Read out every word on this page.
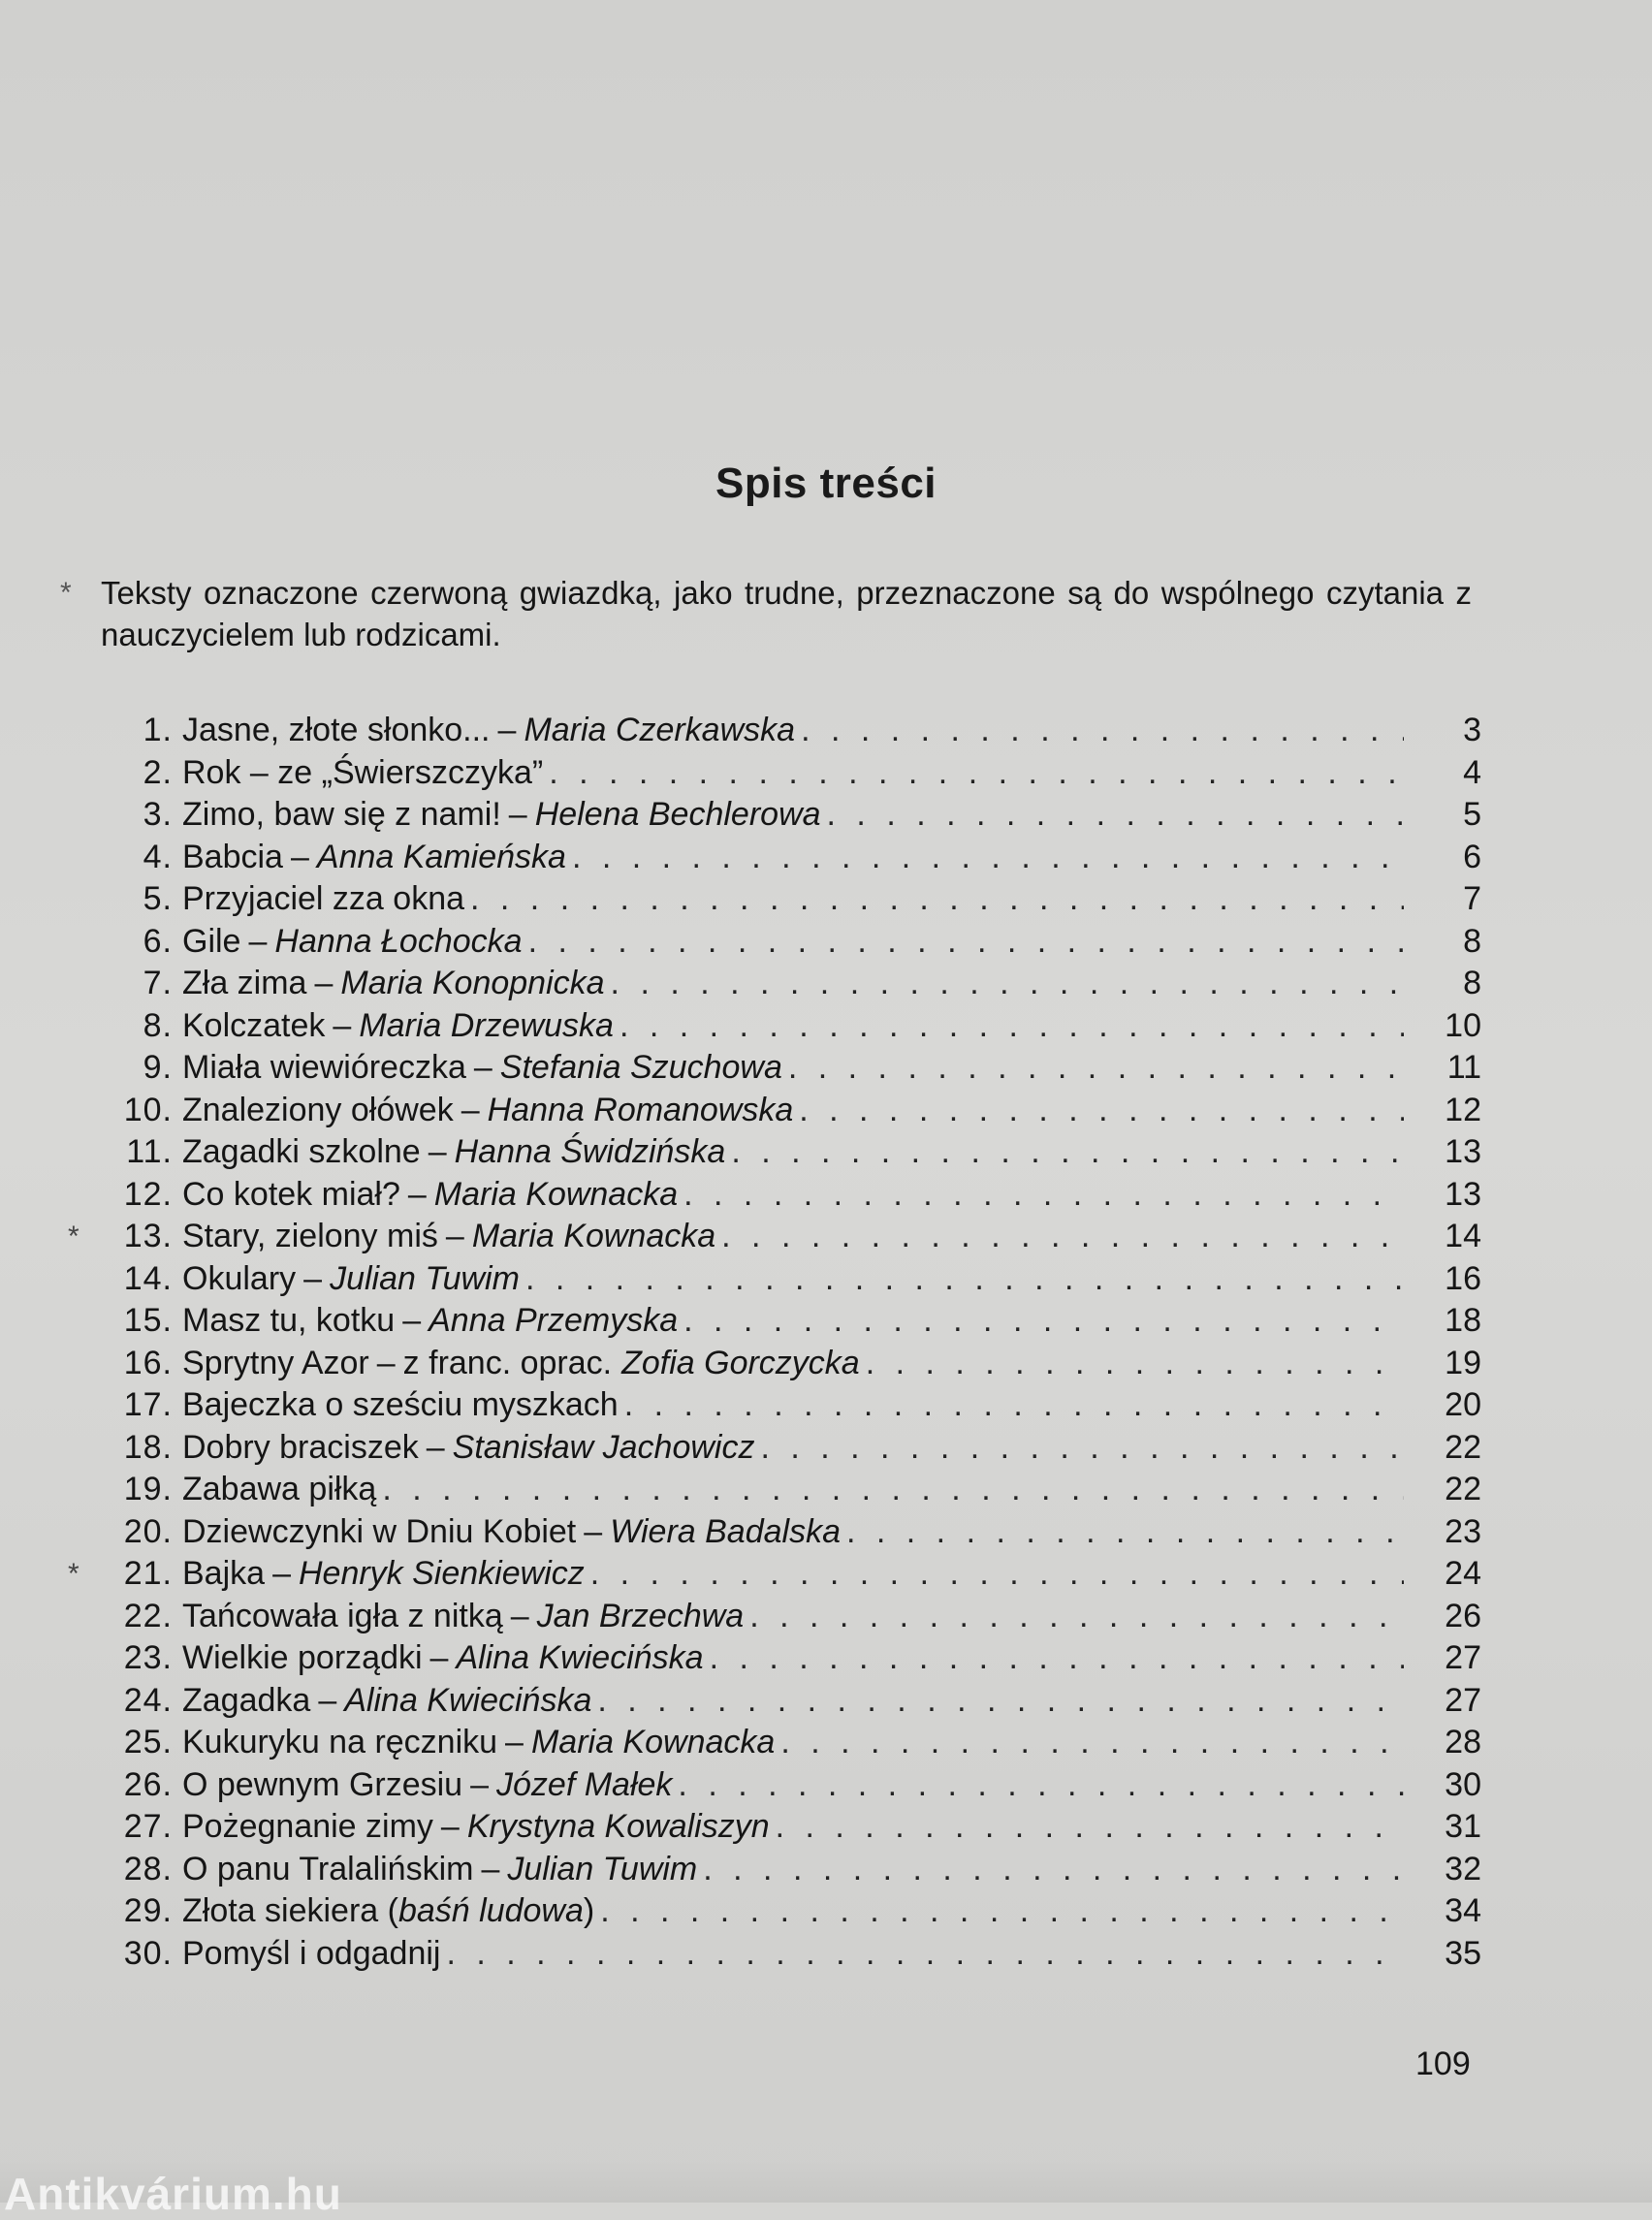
Spis treści
* Teksty oznaczone czerwoną gwiazdką, jako trudne, przeznaczone są do wspólnego czytania z nauczycielem lub rodzicami.
1. Jasne, złote słonko... – Maria Czerkawska . . .	3
2. Rok – ze „Świerszczyka” . . .	4
3. Zimo, baw się z nami! – Helena Bechlerowa . . .	5
4. Babcia – Anna Kamieńska . . .	6
5. Przyjaciel zza okna . . .	7
6. Gile – Hanna Łochocka . . .	8
7. Zła zima – Maria Konopnicka . . .	8
8. Kolczatek – Maria Drzewuska . . .	10
9. Miała wiewióreczka – Stefania Szuchowa . . .	11
10. Znaleziony ołówek – Hanna Romanowska . . .	12
11. Zagadki szkolne – Hanna Świdzińska . . .	13
12. Co kotek miał? – Maria Kownacka . . .	13
*	13. Stary, zielony miś – Maria Kownacka . . .	14
14. Okulary – Julian Tuwim . . .	16
15. Masz tu, kotku – Anna Przemyska . . .	18
16. Sprytny Azor – z franc. oprac. Zofia Gorczycka . . .	19
17. Bajeczka o sześciu myszkach . . .	20
18. Dobry braciszek – Stanisław Jachowicz . . .	22
19. Zabawa piłką . . .	22
20. Dziewczynki w Dniu Kobiet – Wiera Badalska . . .	23
*	21. Bajka – Henryk Sienkiewicz . . .	24
22. Tańcowała igła z nitką – Jan Brzechwa . . .	26
23. Wielkie porządki – Alina Kwiecińska . . .	27
24. Zagadka – Alina Kwiecińska . . .	27
25. Kukuryku na ręczniku – Maria Kownacka . . .	28
26. O pewnym Grzesiu – Józef Małek . . .	30
27. Pożegnanie zimy – Krystyna Kowaliszyn . . .	31
28. O panu Tralalińskim – Julian Tuwim . . .	32
29. Złota siekiera ( baśń ludowa ) . . .	34
30. Pomyśl i odgadnij . . .	35
109
Antikvárium.hu
